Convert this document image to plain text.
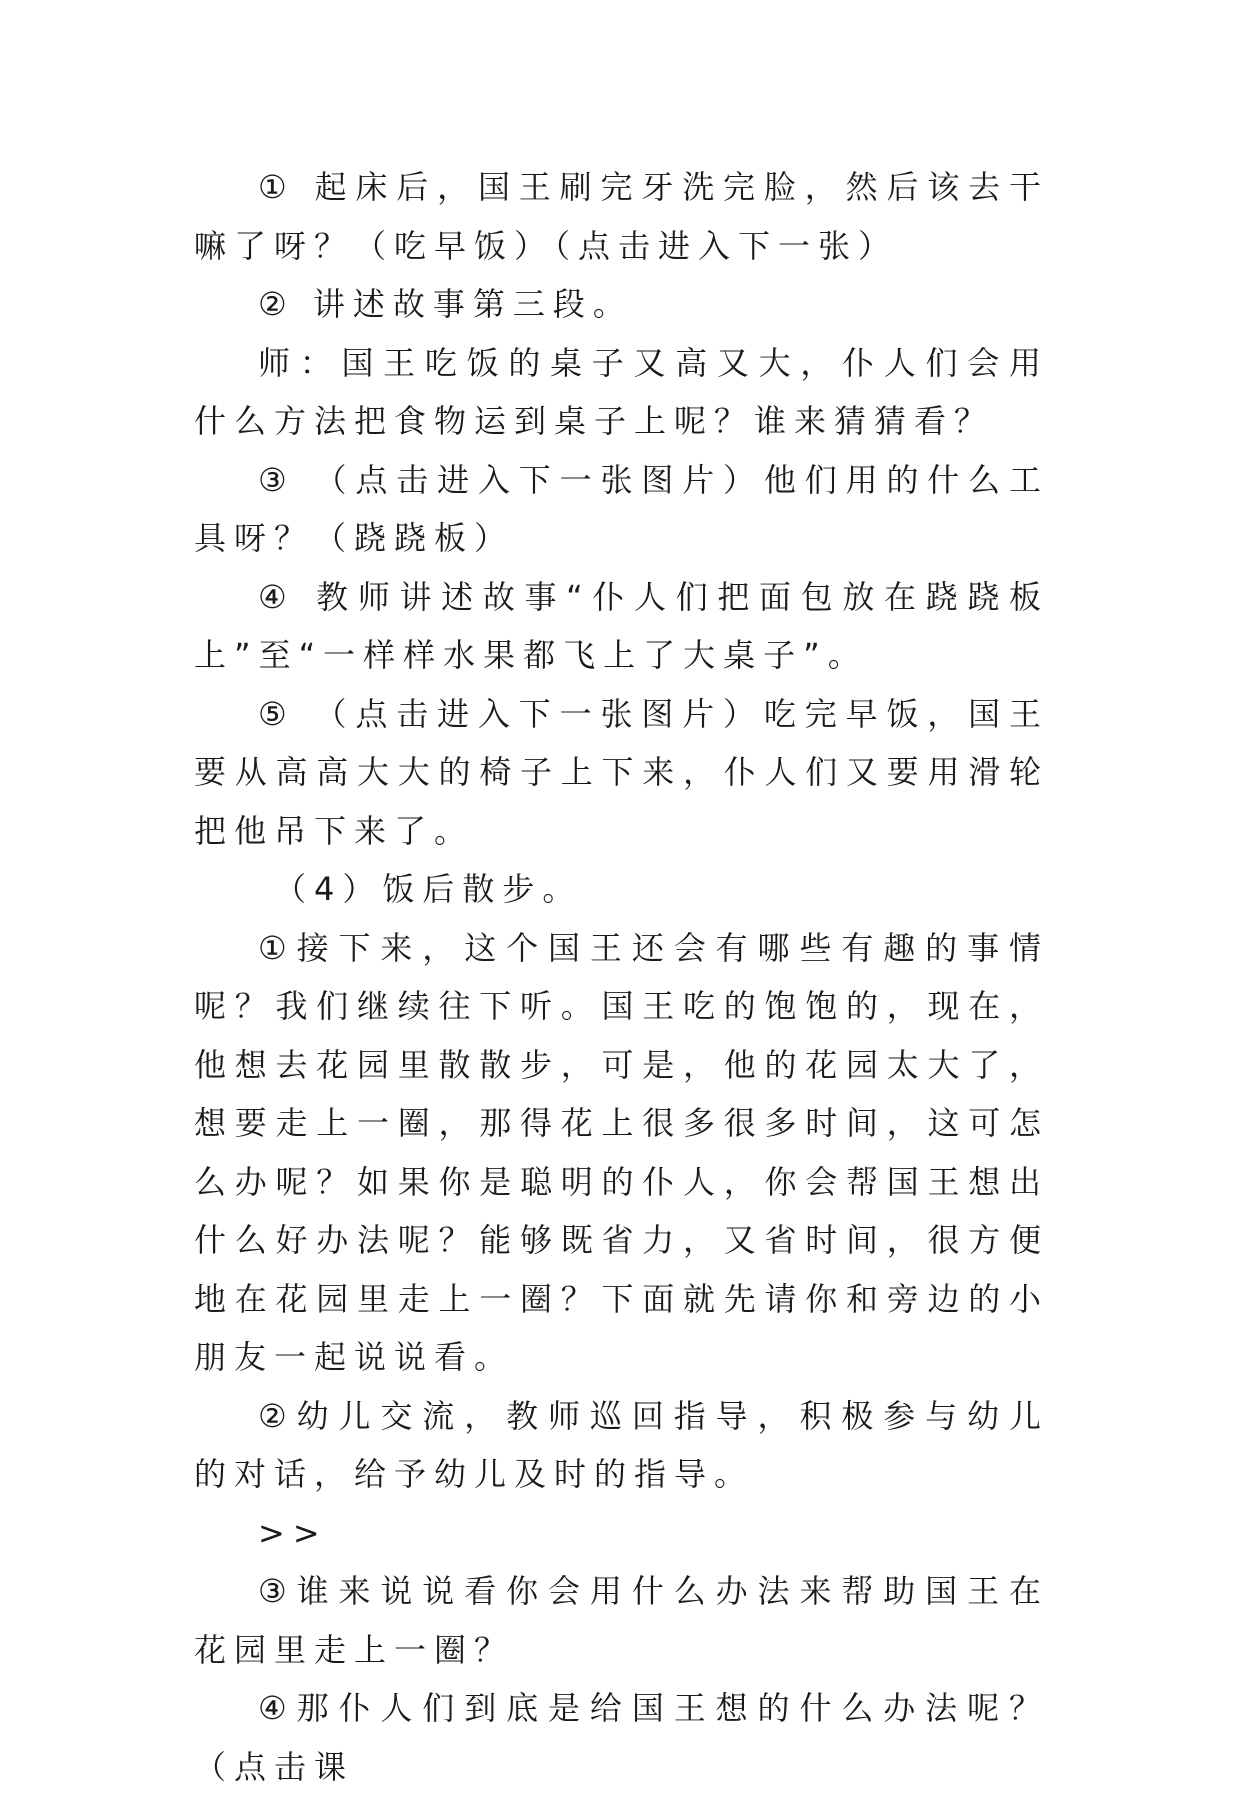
① 起床后，国王刷完牙洗完脸，然后该去干嘛了呀？（吃早饭）（点击进入下一张）

② 讲述故事第三段。

师：国王吃饭的桌子又高又大，仆人们会用什么方法把食物运到桌子上呢？谁来猜猜看？

③ （点击进入下一张图片）他们用的什么工具呀？（跷跷板）

④ 教师讲述故事“仆人们把面包放在跷跷板上”至“一样样水果都飞上了大桌子”。

⑤ （点击进入下一张图片）吃完早饭，国王要从高高大大的椅子上下来，仆人们又要用滑轮把他吊下来了。

（4）饭后散步。

①接下来，这个国王还会有哪些有趣的事情呢？我们继续往下听。国王吃的饱饱的，现在，他想去花园里散散步，可是，他的花园太大了，想要走上一圈，那得花上很多很多时间，这可怎么办呢？如果你是聪明的仆人，你会帮国王想出什么好办法呢？能够既省力，又省时间，很方便地在花园里走上一圈？下面就先请你和旁边的小朋友一起说说看。

②幼儿交流，教师巡回指导，积极参与幼儿的对话，给予幼儿及时的指导。

>>

③谁来说说看你会用什么办法来帮助国王在花园里走上一圈？

④那仆人们到底是给国王想的什么办法呢？（点击课
